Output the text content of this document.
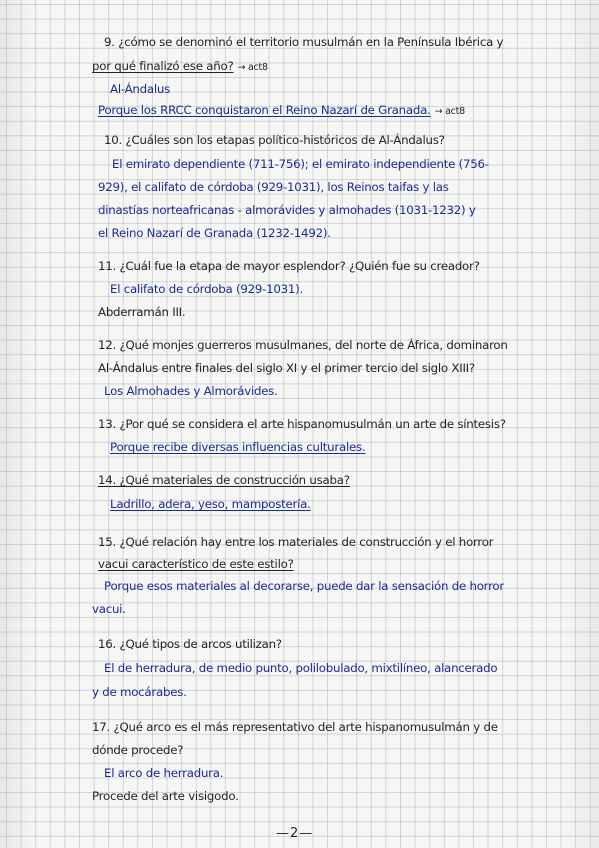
9. ¿cómo se denominó el territorio musulmán en la Península Ibérica y
por qué finalizó ese año? → act8
Al-Ándalus
Porque los RRCC conquistaron el Reino Nazarí de Granada. → act8
10. ¿Cuáles son los etapas político-históricos de Al-Ándalus?
El emirato dependiente (711-756); el emirato independiente (756-
929), el califato de córdoba (929-1031), los Reinos taifas y las
dinastías norteafricanas - almorávides y almohades (1031-1232) y
el Reino Nazarí de Granada (1232-1492).
11. ¿Cuál fue la etapa de mayor esplendor? ¿Quién fue su creador?
El califato de córdoba (929-1031).
Abderramán III.
12. ¿Qué monjes guerreros musulmanes, del norte de África, dominaron
Al-Ándalus entre finales del siglo XI y el primer tercio del siglo XIII?
Los Almohades y Almorávides.
13. ¿Por qué se considera el arte hispanomusulmán un arte de síntesis?
Porque recibe diversas influencias culturales.
14. ¿Qué materiales de construcción usaba?
Ladrillo, adera, yeso, mampostería.
15. ¿Qué relación hay entre los materiales de construcción y el horror
vacui característico de este estilo?
Porque esos materiales al decorarse, puede dar la sensación de horror
vacui.
16. ¿Qué tipos de arcos utilizan?
El de herradura, de medio punto, polilobulado, mixtilíneo, alancerado
y de mocárabes.
17. ¿Qué arco es el más representativo del arte hispanomusulmán y de
dónde procede?
El arco de herradura.
Procede del arte visigodo.
—2—
